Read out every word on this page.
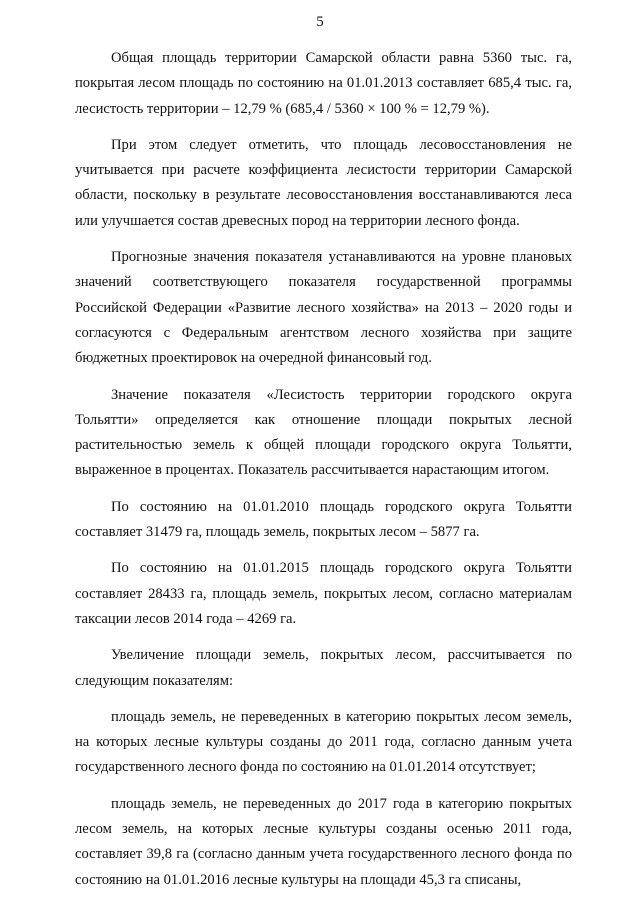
5

Общая площадь территории Самарской области равна 5360 тыс. га, покрытая лесом площадь по состоянию на 01.01.2013 составляет 685,4 тыс. га, лесистость территории – 12,79 % (685,4 / 5360 × 100 % = 12,79 %).

При этом следует отметить, что площадь лесовосстановления не учитывается при расчете коэффициента лесистости территории Самарской области, поскольку в результате лесовосстановления восстанавливаются леса или улучшается состав древесных пород на территории лесного фонда.

Прогнозные значения показателя устанавливаются на уровне плановых значений соответствующего показателя государственной программы Российской Федерации «Развитие лесного хозяйства» на 2013 – 2020 годы и согласуются с Федеральным агентством лесного хозяйства при защите бюджетных проектировок на очередной финансовый год.

Значение показателя «Лесистость территории городского округа Тольятти» определяется как отношение площади покрытых лесной растительностью земель к общей площади городского округа Тольятти, выраженное в процентах. Показатель рассчитывается нарастающим итогом.

По состоянию на 01.01.2010 площадь городского округа Тольятти составляет 31479 га, площадь земель, покрытых лесом – 5877 га.

По состоянию на 01.01.2015 площадь городского округа Тольятти составляет 28433 га, площадь земель, покрытых лесом, согласно материалам таксации лесов 2014 года – 4269 га.

Увеличение площади земель, покрытых лесом, рассчитывается по следующим показателям:

площадь земель, не переведенных в категорию покрытых лесом земель, на которых лесные культуры созданы до 2011 года, согласно данным учета государственного лесного фонда по состоянию на 01.01.2014 отсутствует;

площадь земель, не переведенных до 2017 года в категорию покрытых лесом земель, на которых лесные культуры созданы осенью 2011 года, составляет 39,8 га (согласно данным учета государственного лесного фонда по состоянию на 01.01.2016 лесные культуры на площади 45,3 га списаны,
